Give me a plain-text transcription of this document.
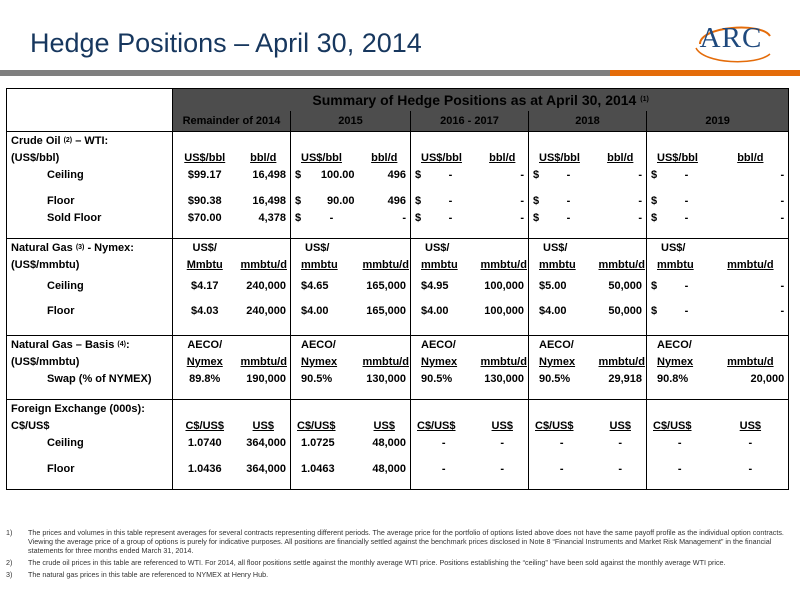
Hedge Positions – April 30, 2014	ARC
	Summary of Hedge Positions as at April 30, 2014 $^{(1)}$
	Remainder of 2014		2015			2016 - 2017			2018			2019		
Crude Oil $^{(2)}$ – WTI:														
(US$/bbl)	US$/bbl	bbl/d	US$/bbl		bbl/d	US$/bbl		bbl/d	US$/bbl		bbl/d	US$/bbl		bbl/d
Ceiling	$99.17	16,498	$	100.00	496	$	-	-	$	-	-	$	-	-

Floor	$90.38	16,498	$	90.00	496	$	-	-	$	-	-	$	-	-
Sold Floor	$70.00	4,378	$	-	-	$	-	-	$	-	-	$	-	-

Natural Gas $^{(3)}$ - Nymex:	US$/		US$/			US$/			US$/			US$/		
(US$/mmbtu)	Mmbtu	mmbtu/d	mmbtu		mmbtu/d	mmbtu		mmbtu/d	mmbtu		mmbtu/d	mmbtu		mmbtu/d
Ceiling	$4.17	240,000	$4.65		165,000	$4.95		100,000	$5.00		50,000	$	-	-
Floor	$4.03	240,000	$4.00		165,000	$4.00		100,000	$4.00		50,000	$	-	-

Natural Gas – Basis $^{(4)}$:	AECO/		AECO/			AECO/			AECO/			AECO/		
(US$/mmbtu)	Nymex	mmbtu/d	Nymex		mmbtu/d	Nymex		mmbtu/d	Nymex		mmbtu/d	Nymex		mmbtu/d
Swap (% of NYMEX)	89.8%	190,000	90.5%		130,000	90.5%		130,000	90.5%		29,918	90.8%		20,000

Foreign Exchange (000s):														
C$/US$	C$/US$	US$	C$/US$		US$	C$/US$		US$	C$/US$		US$	C$/US$		US$
Ceiling	1.0740	364,000	1.0725		48,000	-		-	-		-	-		-

Floor	1.0436	364,000	1.0463		48,000	-		-	-		-	-		-

1)	The prices and volumes in this table represent averages for several contracts representing different periods. The average price for the portfolio of options listed above does not have the same payoff profile as the individual option contracts. Viewing the average price of a group of options is purely for indicative purposes. All positions are financially settled against the benchmark prices disclosed in Note 8 “Financial Instruments and Market Risk Management” in the financial statements for three months ended March 31, 2014.
2)	The crude oil prices in this table are referenced to WTI. For 2014, all floor positions settle against the monthly average WTI price. Positions establishing the “ceiling” have been sold against the monthly average WTI price.
3)	The natural gas prices in this table are referenced to NYMEX at Henry Hub.
